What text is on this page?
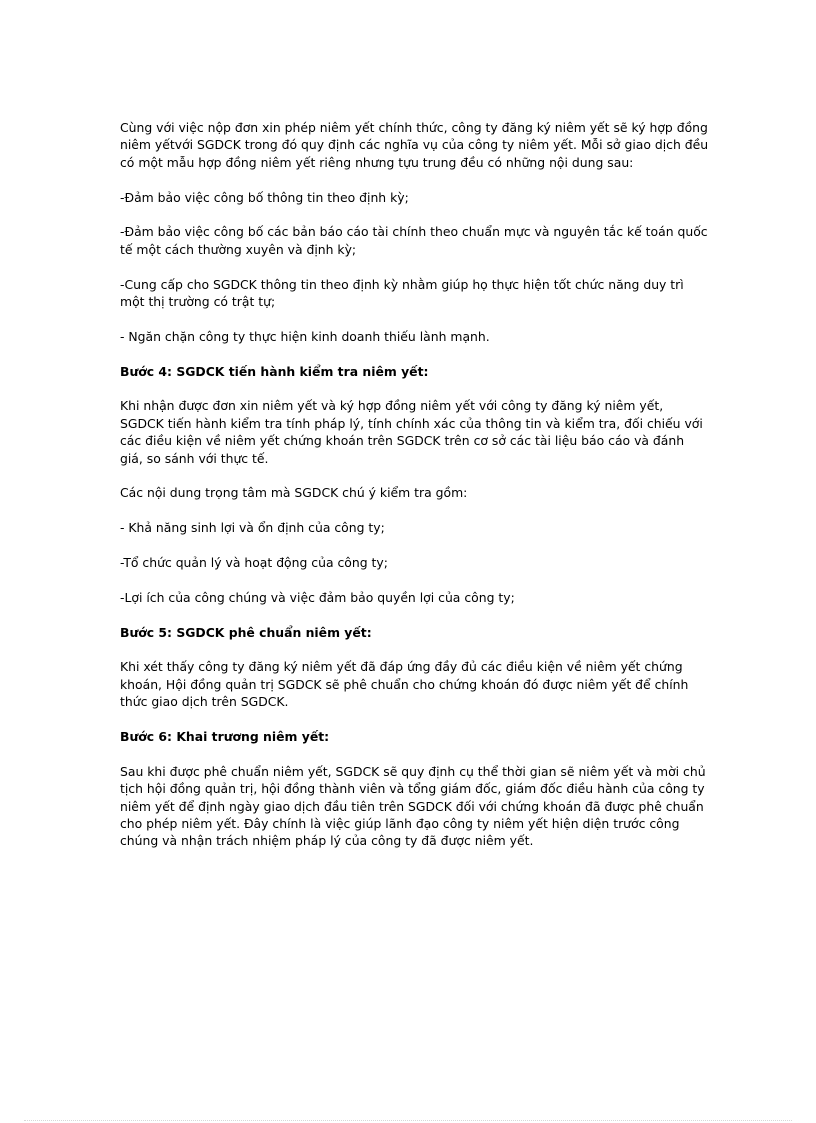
Cùng với việc nộp đơn xin phép niêm yết chính thức, công ty đăng ký niêm yết sẽ ký hợp đồng niêm yếtvới SGDCK trong đó quy định các nghĩa vụ của công ty niêm yết. Mỗi sở giao dịch đều có một mẫu hợp đồng niêm yết riêng nhưng tựu trung đều có những nội dung sau:

-Đảm bảo việc công bố thông tin theo định kỳ;

-Đảm bảo việc công bố các bản báo cáo tài chính theo chuẩn mực và nguyên tắc kế toán quốc tế một cách thường xuyên và định kỳ;

-Cung cấp cho SGDCK thông tin theo định kỳ nhằm giúp họ thực hiện tốt chức năng duy trì một thị trường có trật tự;

- Ngăn chặn công ty thực hiện kinh doanh thiếu lành mạnh.

Bước 4: SGDCK tiến hành kiểm tra niêm yết:

Khi nhận được đơn xin niêm yết và ký hợp đồng niêm yết với công ty đăng ký niêm yết, SGDCK tiến hành kiểm tra tính pháp lý, tính chính xác của thông tin và kiểm tra, đối chiếu với các điều kiện về niêm yết chứng khoán trên SGDCK trên cơ sở các tài liệu báo cáo và đánh giá, so sánh với thực tế.

Các nội dung trọng tâm mà SGDCK chú ý kiểm tra gồm:

- Khả năng sinh lợi và ổn định của công ty;

-Tổ chức quản lý và hoạt động của công ty;

-Lợi ích của công chúng và việc đảm bảo quyền lợi của công ty;

Bước 5: SGDCK phê chuẩn niêm yết:

Khi xét thấy công ty đăng ký niêm yết đã đáp ứng đầy đủ các điều kiện về niêm yết chứng khoán, Hội đồng quản trị SGDCK sẽ phê chuẩn cho chứng khoán đó được niêm yết để chính thức giao dịch trên SGDCK.

Bước 6: Khai trương niêm yết:

Sau khi được phê chuẩn niêm yết, SGDCK sẽ quy định cụ thể thời gian sẽ niêm yết và mời chủ tịch hội đồng quản trị, hội đồng thành viên và tổng giám đốc, giám đốc điều hành của công ty niêm yết để định ngày giao dịch đầu tiên trên SGDCK đối với chứng khoán đã được phê chuẩn cho phép niêm yết. Đây chính là việc giúp lãnh đạo công ty niêm yết hiện diện trước công chúng và nhận trách nhiệm pháp lý của công ty đã được niêm yết.
